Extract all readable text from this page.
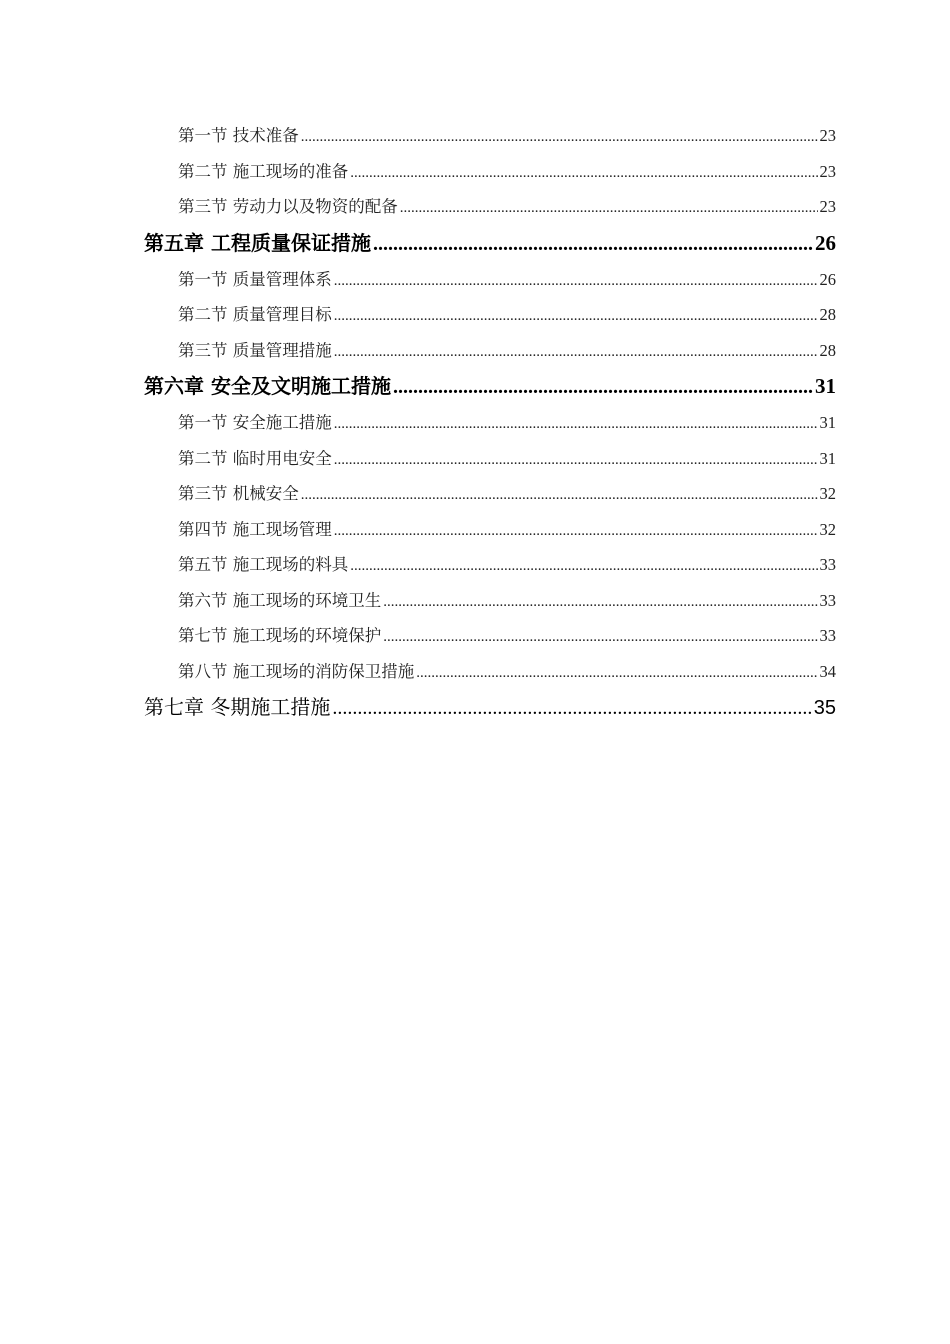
第一节 技术准备 .....	23
第二节 施工现场的准备 .....	23
第三节 劳动力以及物资的配备 .....	23
第五章 工程质量保证措施 .....	26
第一节 质量管理体系 .....	26
第二节 质量管理目标 .....	28
第三节 质量管理措施 .....	28
第六章 安全及文明施工措施 .....	31
第一节 安全施工措施 .....	31
第二节 临时用电安全 .....	31
第三节 机械安全 .....	32
第四节 施工现场管理 .....	32
第五节 施工现场的料具 .....	33
第六节 施工现场的环境卫生 .....	33
第七节 施工现场的环境保护 .....	33
第八节 施工现场的消防保卫措施 .....	34
第七章 冬期施工措施 .....	35
